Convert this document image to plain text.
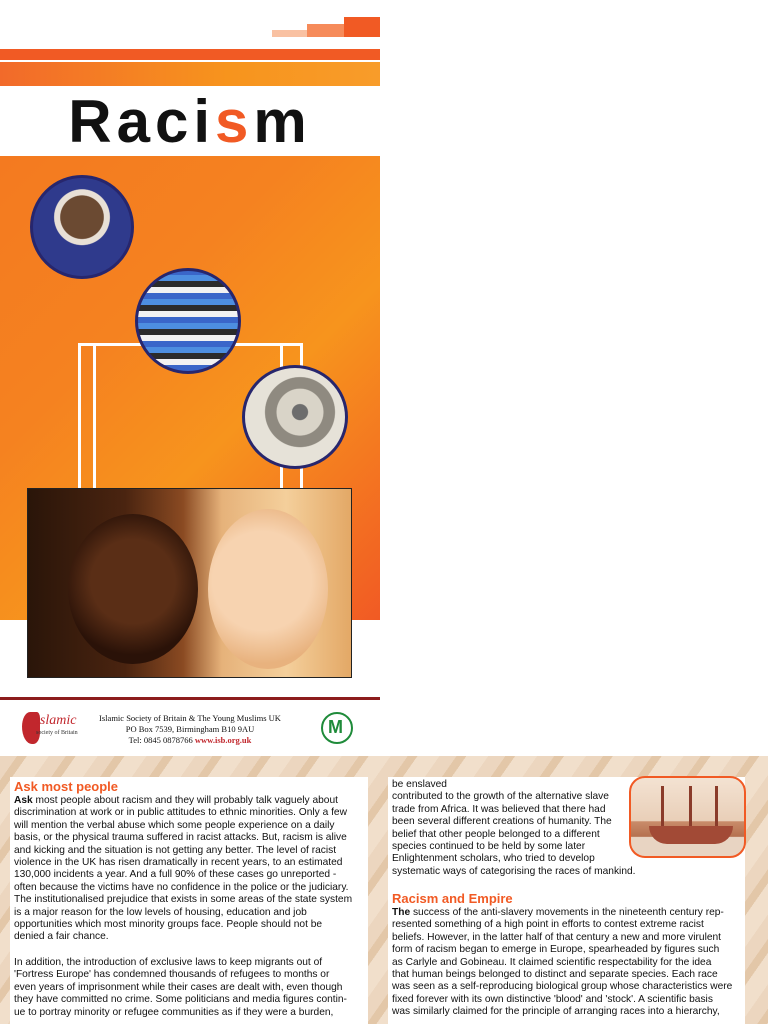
Racism
islamic
society of Britain
Islamic Society of Britain & The Young Muslims UK
PO Box 7539, Birmingham B10 9AU
Tel: 0845 0878766 www.isb.org.uk
M
Ask most people
Ask most people about racism and they will probably talk vaguely about
discrimination at work or in public attitudes to ethnic minorities. Only a few
will mention the verbal abuse which some people experience on a daily
basis, or the physical trauma suffered in racist attacks. But, racism is alive
and kicking and the situation is not getting any better. The level of racist
violence in the UK has risen dramatically in recent years, to an estimated
130,000 incidents a year. And a full 90% of these cases go unreported -
often because the victims have no confidence in the police or the judiciary.
The institutionalised prejudice that exists in some areas of the state system
is a major reason for the low levels of housing, education and job
opportunities which most minority groups face. People should not be
denied a fair chance.
In addition, the introduction of exclusive laws to keep migrants out of
'Fortress Europe' has condemned thousands of refugees to months or
even years of imprisonment while their cases are dealt with, even though
they have committed no crime. Some politicians and media figures contin-
ue to portray minority or refugee communities as if they were a burden,
be enslaved
contributed to the growth of the alternative slave
trade from Africa. It was believed that there had
been several different creations of humanity. The
belief that other people belonged to a different
species continued to be held by some later
Enlightenment scholars, who tried to develop
systematic ways of categorising the races of mankind.
Racism and Empire
The success of the anti-slavery movements in the nineteenth century rep-
resented something of a high point in efforts to contest extreme racist
beliefs. However, in the latter half of that century a new and more virulent
form of racism began to emerge in Europe, spearheaded by figures such
as Carlyle and Gobineau. It claimed scientific respectability for the idea
that human beings belonged to distinct and separate species. Each race
was seen as a self-reproducing biological group whose characteristics were
fixed forever with its own distinctive 'blood' and 'stock'. A scientific basis
was similarly claimed for the principle of arranging races into a hierarchy,
